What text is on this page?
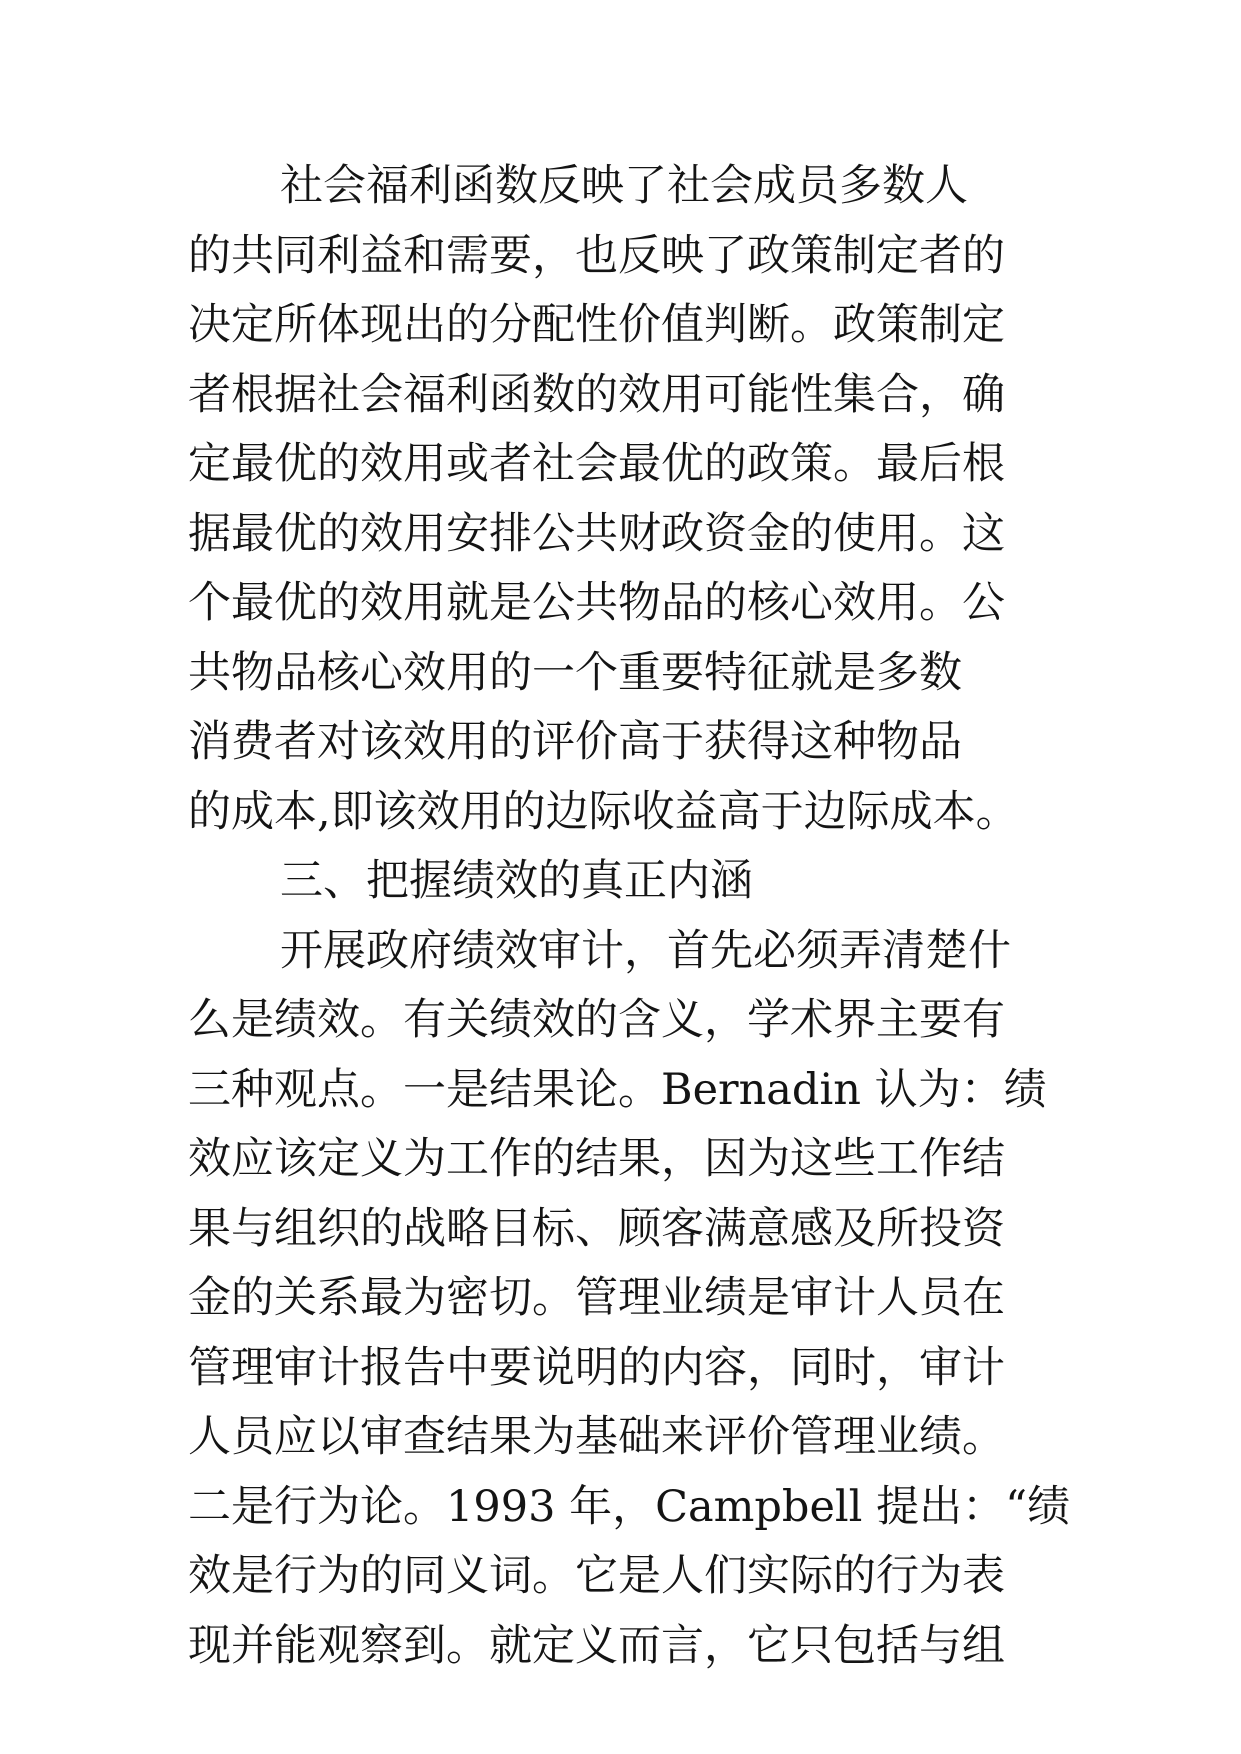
社会福利函数反映了社会成员多数人
的共同利益和需要，也反映了政策制定者的
决定所体现出的分配性价值判断。政策制定
者根据社会福利函数的效用可能性集合，确
定最优的效用或者社会最优的政策。最后根
据最优的效用安排公共财政资金的使用。这
个最优的效用就是公共物品的核心效用。公
共物品核心效用的一个重要特征就是多数
消费者对该效用的评价高于获得这种物品
的成本,即该效用的边际收益高于边际成本。
三、把握绩效的真正内涵
开展政府绩效审计，首先必须弄清楚什
么是绩效。有关绩效的含义，学术界主要有
三种观点。一是结果论。Bernadin 认为：绩
效应该定义为工作的结果，因为这些工作结
果与组织的战略目标、顾客满意感及所投资
金的关系最为密切。管理业绩是审计人员在
管理审计报告中要说明的内容，同时，审计
人员应以审查结果为基础来评价管理业绩。
二是行为论。1993 年，Campbell 提出：“绩
效是行为的同义词。它是人们实际的行为表
现并能观察到。就定义而言，它只包括与组
